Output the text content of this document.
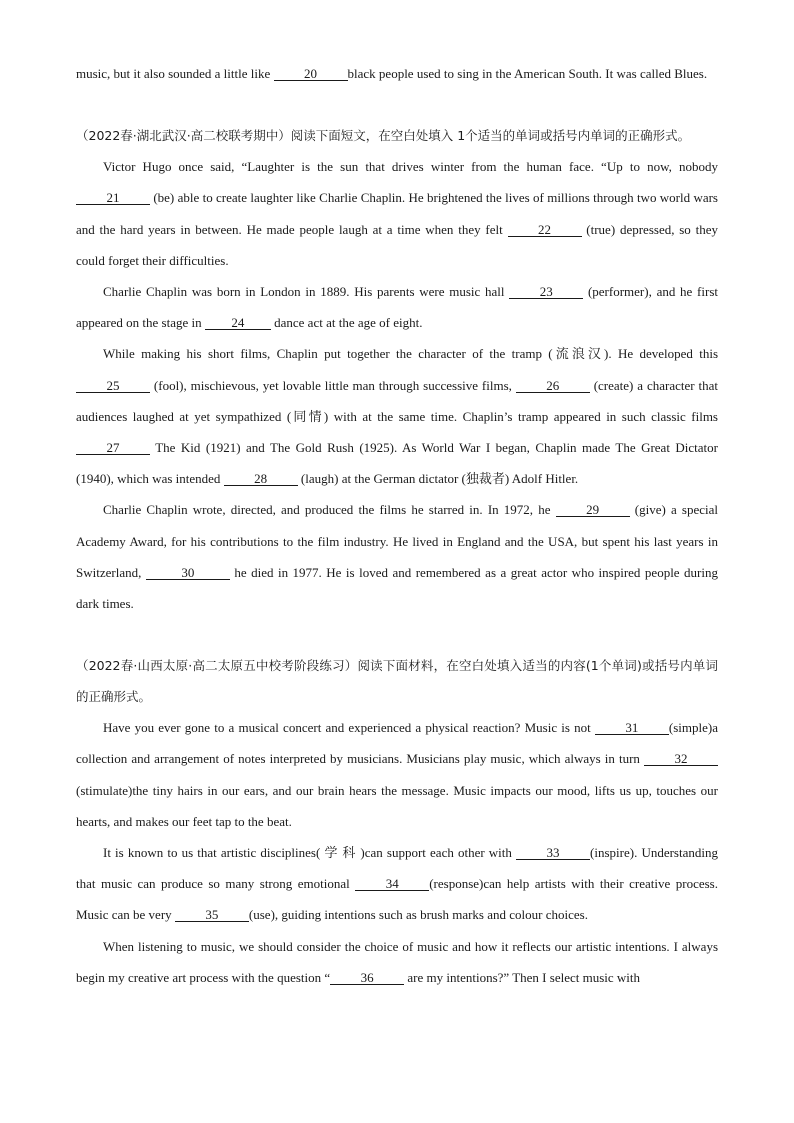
music, but it also sounded a little like 20 black people used to sing in the American South. It was called Blues.

（2022春·湖北武汉·高二校联考期中）阅读下面短文，在空白处填入 1个适当的单词或括号内单词的正确形式。

Victor Hugo once said, “Laughter is the sun that drives winter from the human face. “Up to now, nobody 21 (be) able to create laughter like Charlie Chaplin. He brightened the lives of millions through two world wars and the hard years in between. He made people laugh at a time when they felt 22 (true) depressed, so they could forget their difficulties.

Charlie Chaplin was born in London in 1889. His parents were music hall 23 (performer), and he first appeared on the stage in 24 dance act at the age of eight.

While making his short films, Chaplin put together the character of the tramp (流浪汉). He developed this 25 (fool), mischievous, yet lovable little man through successive films, 26 (create) a character that audiences laughed at yet sympathized (同情) with at the same time. Chaplin’s tramp appeared in such classic films 27 The Kid (1921) and The Gold Rush (1925). As World War I began, Chaplin made The Great Dictator (1940), which was intended 28 (laugh) at the German dictator (独裁者) Adolf Hitler.

Charlie Chaplin wrote, directed, and produced the films he starred in. In 1972, he 29 (give) a special Academy Award, for his contributions to the film industry. He lived in England and the USA, but spent his last years in Switzerland,	30	he died in 1977. He is loved and remembered as a great actor who inspired people during dark times.

（2022春·山西太原·高二太原五中校考阶段练习）阅读下面材料，在空白处填入适当的内容(1个单词)或括号内单词的正确形式。

Have you ever gone to a musical concert and experienced a physical reaction? Music is not 31 (simple)a collection and arrangement of notes interpreted by musicians. Musicians play music, which always in turn 32(stimulate)the tiny hairs in our ears, and our brain hears the message. Music impacts our mood, lifts us up, touches our hearts, and makes our feet tap to the beat.

It is known to us that artistic disciplines( 学 科 )can support each other with 33 (inspire). Understanding that music can produce so many strong emotional 34 (response)can help artists with their creative process. Music can be very 35 (use), guiding intentions such as brush marks and colour choices.

When listening to music, we should consider the choice of music and how it reflects our artistic intentions. I always begin my creative art process with the question “ 36 are my intentions?” Then I select music with
